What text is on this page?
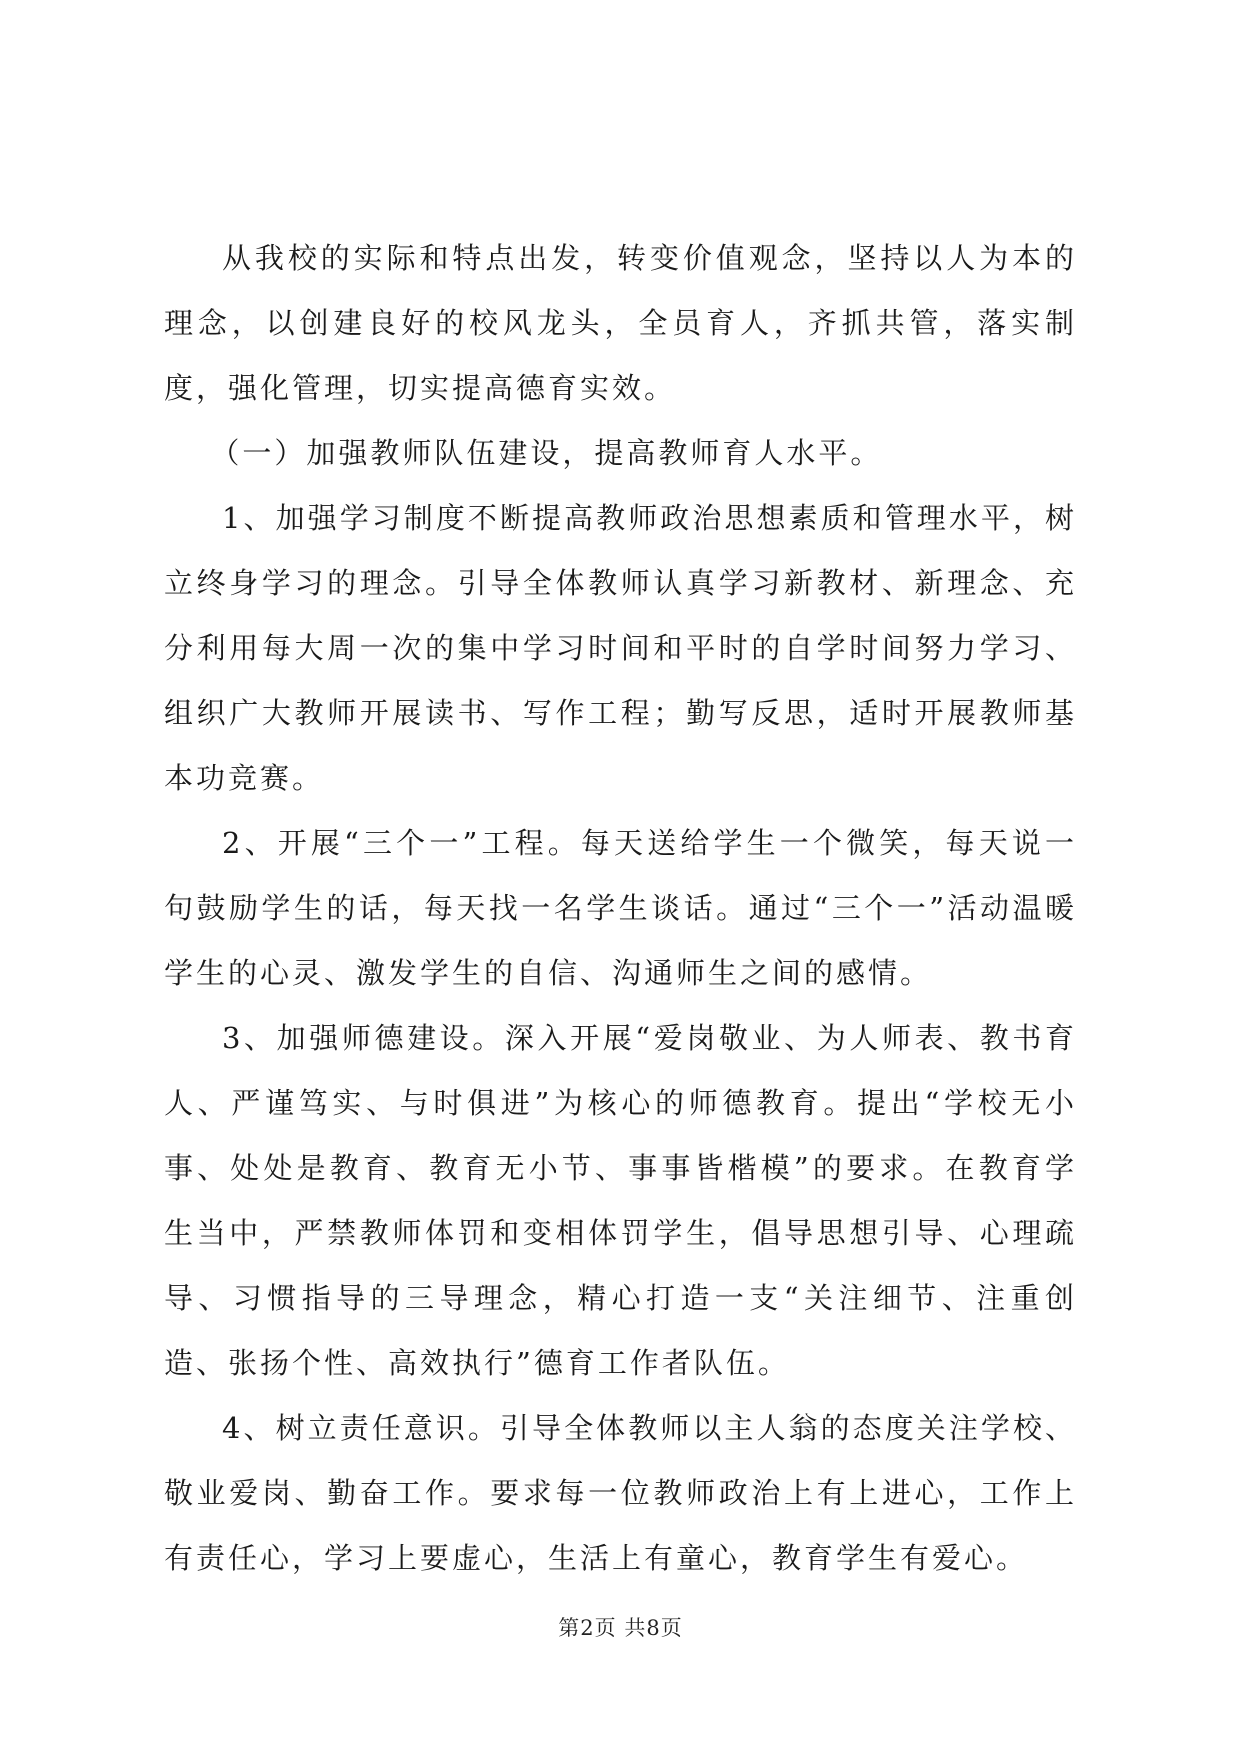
从我校的实际和特点出发，转变价值观念，坚持以人为本的理念，以创建良好的校风龙头，全员育人，齐抓共管，落实制度，强化管理，切实提高德育实效。

（一）加强教师队伍建设，提高教师育人水平。

1、加强学习制度不断提高教师政治思想素质和管理水平，树立终身学习的理念。引导全体教师认真学习新教材、新理念、充分利用每大周一次的集中学习时间和平时的自学时间努力学习、组织广大教师开展读书、写作工程；勤写反思，适时开展教师基本功竞赛。

2、开展“三个一”工程。每天送给学生一个微笑，每天说一句鼓励学生的话，每天找一名学生谈话。通过“三个一”活动温暖学生的心灵、激发学生的自信、沟通师生之间的感情。

3、加强师德建设。深入开展“爱岗敬业、为人师表、教书育人、严谨笃实、与时俱进”为核心的师德教育。提出“学校无小事、处处是教育、教育无小节、事事皆楷模”的要求。在教育学生当中，严禁教师体罚和变相体罚学生，倡导思想引导、心理疏导、习惯指导的三导理念，精心打造一支“关注细节、注重创造、张扬个性、高效执行”德育工作者队伍。

4、树立责任意识。引导全体教师以主人翁的态度关注学校、敬业爱岗、勤奋工作。要求每一位教师政治上有上进心，工作上有责任心，学习上要虚心，生活上有童心，教育学生有爱心。

第2页 共8页
